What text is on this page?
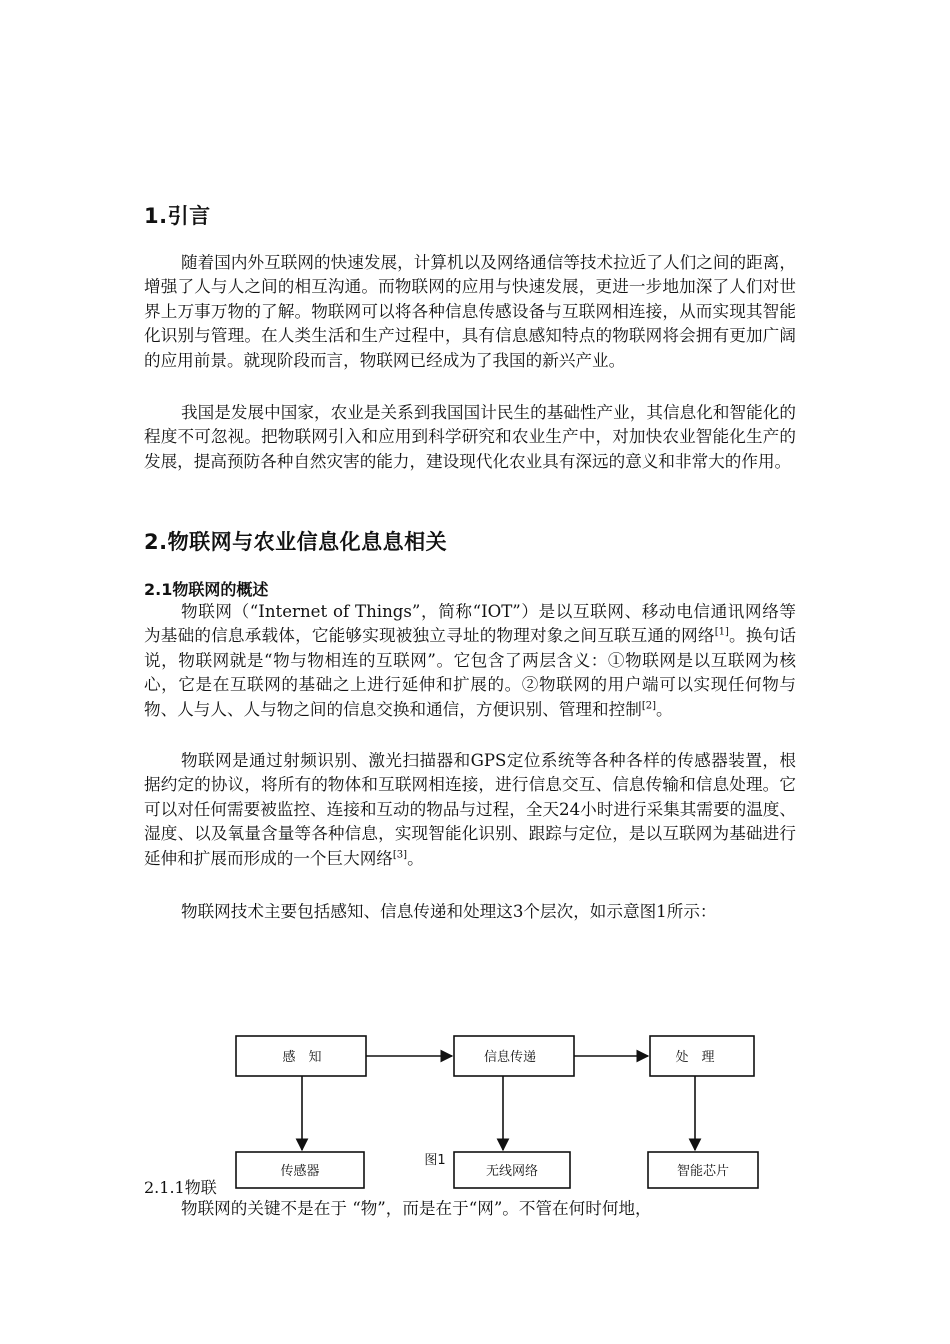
1.引言

随着国内外互联网的快速发展，计算机以及网络通信等技术拉近了人们之间的距离，增强了人与人之间的相互沟通。而物联网的应用与快速发展，更进一步地加深了人们对世界上万事万物的了解。物联网可以将各种信息传感设备与互联网相连接，从而实现其智能化识别与管理。在人类生活和生产过程中，具有信息感知特点的物联网将会拥有更加广阔的应用前景。就现阶段而言，物联网已经成为了我国的新兴产业。

我国是发展中国家，农业是关系到我国国计民生的基础性产业，其信息化和智能化的程度不可忽视。把物联网引入和应用到科学研究和农业生产中，对加快农业智能化生产的发展，提高预防各种自然灾害的能力，建设现代化农业具有深远的意义和非常大的作用。

2.物联网与农业信息化息息相关
2.1物联网的概述

物联网（“Internet of Things”，简称“IOT”）是以互联网、移动电信通讯网络等为基础的信息承载体，它能够实现被独立寻址的物理对象之间互联互通的网络[1]。换句话说，物联网就是“物与物相连的互联网”。它包含了两层含义：①物联网是以互联网为核心，它是在互联网的基础之上进行延伸和扩展的。②物联网的用户端可以实现任何物与物、人与人、人与物之间的信息交换和通信，方便识别、管理和控制[2]。

物联网是通过射频识别、激光扫描器和GPS定位系统等各种各样的传感器装置，根据约定的协议，将所有的物体和互联网相连接，进行信息交互、信息传输和信息处理。它可以对任何需要被监控、连接和互动的物品与过程，全天24小时进行采集其需要的温度、湿度、以及氧量含量等各种信息，实现智能化识别、跟踪与定位，是以互联网为基础进行延伸和扩展而形成的一个巨大网络[3]。

物联网技术主要包括感知、信息传递和处理这3个层次，如示意图1所示：

感　知	信息传递	处　理
传感器	无线网络	智能芯片
图1
2.1.1物联

物联网的关键不是在于 “物”，而是在于“网”。不管在何时何地，
